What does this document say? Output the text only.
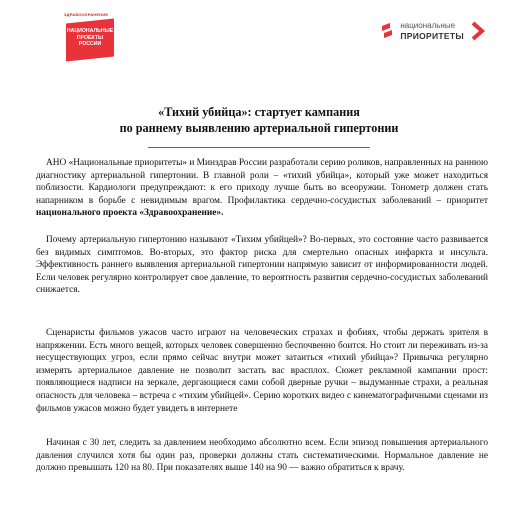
ЗДРАВООХРАНЕНИЕ
НАЦИОНАЛЬНЫЕ
ПРОЕКТЫ
РОССИИ
национальные
ПРИОРИТЕТЫ
«Тихий убийца»: стартует кампания
по раннему выявлению артериальной гипертонии

АНО «Национальные приоритеты» и Минздрав России разработали серию роликов, направленных на раннюю диагностику артериальной гипертонии. В главной роли – «тихий убийца», который уже может находиться поблизости. Кардиологи предупреждают: к его приходу лучше быть во всеоружии. Тонометр должен стать напарником в борьбе с невидимым врагом. Профилактика сердечно-сосудистых заболеваний – приоритет национального проекта «Здравоохранение».

Почему артериальную гипертонию называют «Тихим убийцей»? Во-первых, это состояние часто развивается без видимых симптомов. Во-вторых, это фактор риска для смертельно опасных инфаркта и инсульта. Эффективность раннего выявления артериальной гипертонии напрямую зависит от информированности людей. Если человек регулярно контролирует свое давление, то вероятность развития сердечно-сосудистых заболеваний снижается.

Сценаристы фильмов ужасов часто играют на человеческих страхах и фобиях, чтобы держать зрителя в напряжении. Есть много вещей, которых человек совершенно беспочвенно боится. Но стоит ли переживать из-за несуществующих угроз, если прямо сейчас внутри может затаиться «тихий убийца»? Привычка регулярно измерять артериальное давление не позволит застать вас врасплох. Сюжет рекламной кампании прост: появляющиеся надписи на зеркале, дергающиеся сами собой дверные ручки – выдуманные страхи, а реальная опасность для человека – встреча с «тихим убийцей». Серию коротких видео с кинематографичными сценами из фильмов ужасов можно будет увидеть в интернете

Начиная с 30 лет, следить за давлением необходимо абсолютно всем. Если эпизод повышения артериального давления случился хотя бы один раз, проверки должны стать систематическими. Нормальное давление не должно превышать 120 на 80. При показателях выше 140 на 90 — важно обратиться к врачу.
